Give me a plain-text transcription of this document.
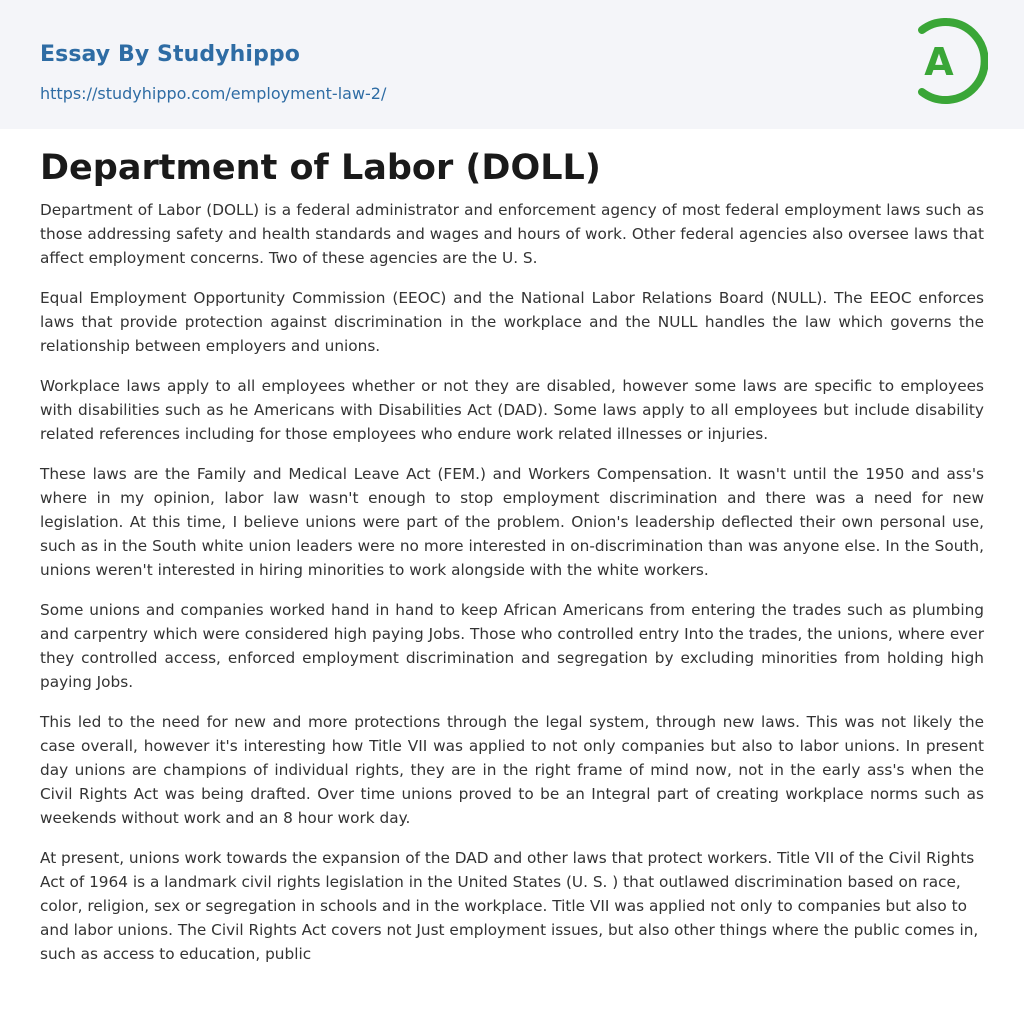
Essay By Studyhippo
https://studyhippo.com/employment-law-2/
A
Department of Labor (DOLL)

Department of Labor (DOLL) is a federal administrator and enforcement agency of most federal employment laws such as those addressing safety and health standards and wages and hours of work. Other federal agencies also oversee laws that affect employment concerns. Two of these agencies are the U. S.

Equal Employment Opportunity Commission (EEOC) and the National Labor Relations Board (NULL). The EEOC enforces laws that provide protection against discrimination in the workplace and the NULL handles the law which governs the relationship between employers and unions.

Workplace laws apply to all employees whether or not they are disabled, however some laws are specific to employees with disabilities such as he Americans with Disabilities Act (DAD). Some laws apply to all employees but include disability related references including for those employees who endure work related illnesses or injuries.

These laws are the Family and Medical Leave Act (FEM.) and Workers Compensation. It wasn't until the 1950 and ass's where in my opinion, labor law wasn't enough to stop employment discrimination and there was a need for new legislation. At this time, I believe unions were part of the problem. Onion's leadership deflected their own personal use, such as in the South white union leaders were no more interested in on-discrimination than was anyone else. In the South, unions weren't interested in hiring minorities to work alongside with the white workers.

Some unions and companies worked hand in hand to keep African Americans from entering the trades such as plumbing and carpentry which were considered high paying Jobs. Those who controlled entry Into the trades, the unions, where ever they controlled access, enforced employment discrimination and segregation by excluding minorities from holding high paying Jobs.

This led to the need for new and more protections through the legal system, through new laws. This was not likely the case overall, however it's interesting how Title VII was applied to not only companies but also to labor unions. In present day unions are champions of individual rights, they are in the right frame of mind now, not in the early ass's when the Civil Rights Act was being drafted. Over time unions proved to be an Integral part of creating workplace norms such as weekends without work and an 8 hour work day.

At present, unions work towards the expansion of the DAD and other laws that protect workers. Title VII of the Civil Rights Act of 1964 is a landmark civil rights legislation in the United States (U. S. ) that outlawed discrimination based on race, color, religion, sex or segregation in schools and in the workplace. Title VII was applied not only to companies but also to and labor unions. The Civil Rights Act covers not Just employment issues, but also other things where the public comes in, such as access to education, public
